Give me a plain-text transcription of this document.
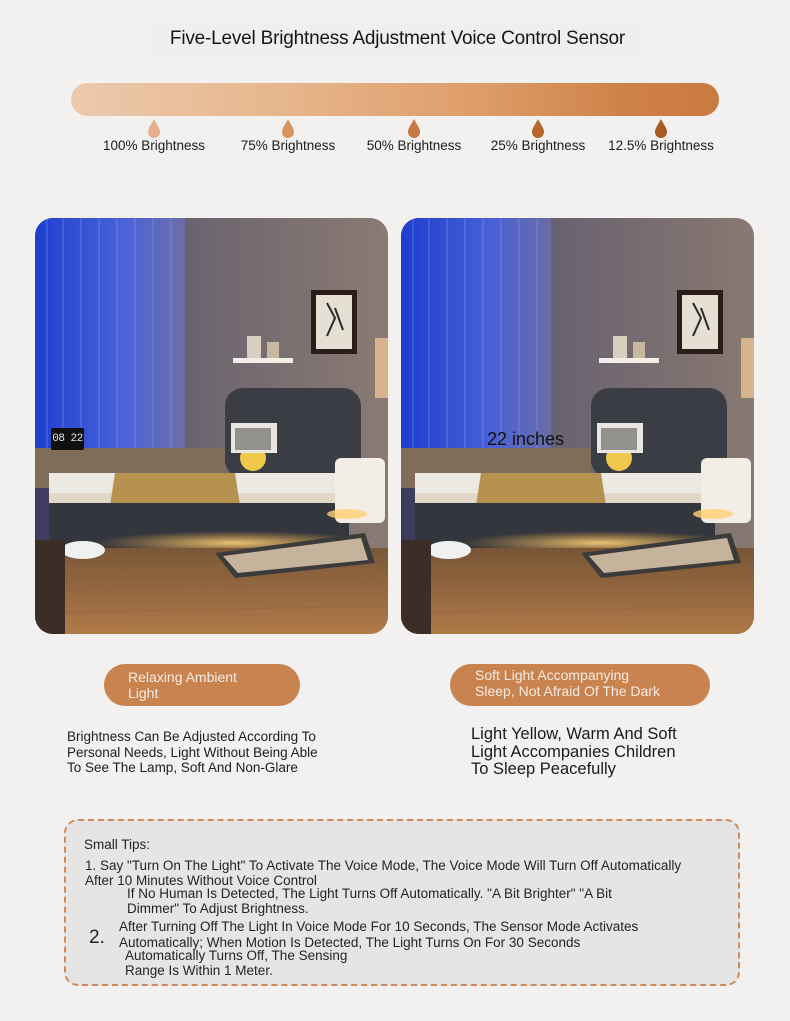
Five-Level Brightness Adjustment Voice Control Sensor
100% Brightness	75% Brightness	50% Brightness	25% Brightness	12.5% Brightness
08 22	22 inches
Relaxing Ambient
Light
Soft Light Accompanying
Sleep, Not Afraid Of The Dark
Brightness Can Be Adjusted According To
Personal Needs, Light Without Being Able
To See The Lamp, Soft And Non-Glare
Light Yellow, Warm And Soft
Light Accompanies Children
To Sleep Peacefully
Small Tips:
1. Say "Turn On The Light" To Activate The Voice Mode, The Voice Mode Will Turn Off Automatically
After 10 Minutes Without Voice Control
If No Human Is Detected, The Light Turns Off Automatically. "A Bit Brighter" "A Bit
Dimmer" To Adjust Brightness.
2.
After Turning Off The Light In Voice Mode For 10 Seconds, The Sensor Mode Activates
Automatically; When Motion Is Detected, The Light Turns On For 30 Seconds
Automatically Turns Off, The Sensing
Range Is Within 1 Meter.
